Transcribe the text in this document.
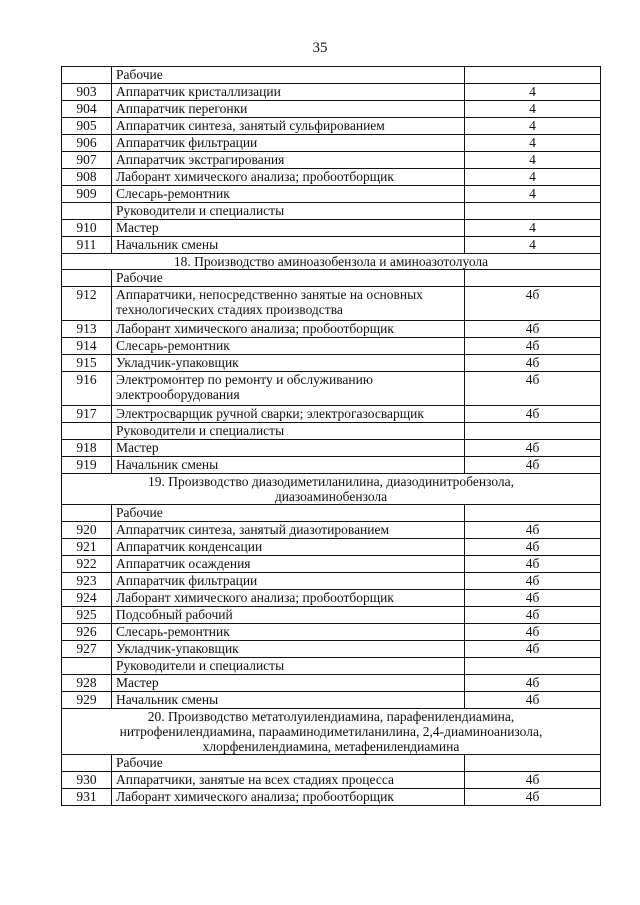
35
	Рабочие	
903	Аппаратчик кристаллизации	4
904	Аппаратчик перегонки	4
905	Аппаратчик синтеза, занятый сульфированием	4
906	Аппаратчик фильтрации	4
907	Аппаратчик экстрагирования	4
908	Лаборант химического анализа; пробоотборщик	4
909	Слесарь-ремонтник	4
	Руководители и специалисты	
910	Мастер	4
911	Начальник смены	4

18. Производство аминоазобензола и аминоазотолуола		

	Рабочие	
912	Аппаратчики, непосредственно занятые на основных технологических стадиях производства	4б
913	Лаборант химического анализа; пробоотборщик	4б
914	Слесарь-ремонтник	4б
915	Укладчик-упаковщик	4б
916	Электромонтер по ремонту и обслуживанию электрооборудования	4б
917	Электросварщик ручной сварки; электрогазосварщик	4б
	Руководители и специалисты	
918	Мастер	4б
919	Начальник смены	4б

19. Производство диазодиметиланилина, диазодинитробензола,
диазоаминобензола		

	Рабочие	
920	Аппаратчик синтеза, занятый диазотированием	4б
921	Аппаратчик конденсации	4б
922	Аппаратчик осаждения	4б
923	Аппаратчик фильтрации	4б
924	Лаборант химического анализа; пробоотборщик	4б
925	Подсобный рабочий	4б
926	Слесарь-ремонтник	4б
927	Укладчик-упаковщик	4б
	Руководители и специалисты	
928	Мастер	4б
929	Начальник смены	4б

20. Производство метатолуилендиамина, парафенилендиамина,
нитрофенилендиамина, парааминодиметиланилина, 2,4-диаминоанизола,
хлорфенилендиамина, метафенилендиамина		

	Рабочие	
930	Аппаратчики, занятые на всех стадиях процесса	4б
931	Лаборант химического анализа; пробоотборщик	4б
